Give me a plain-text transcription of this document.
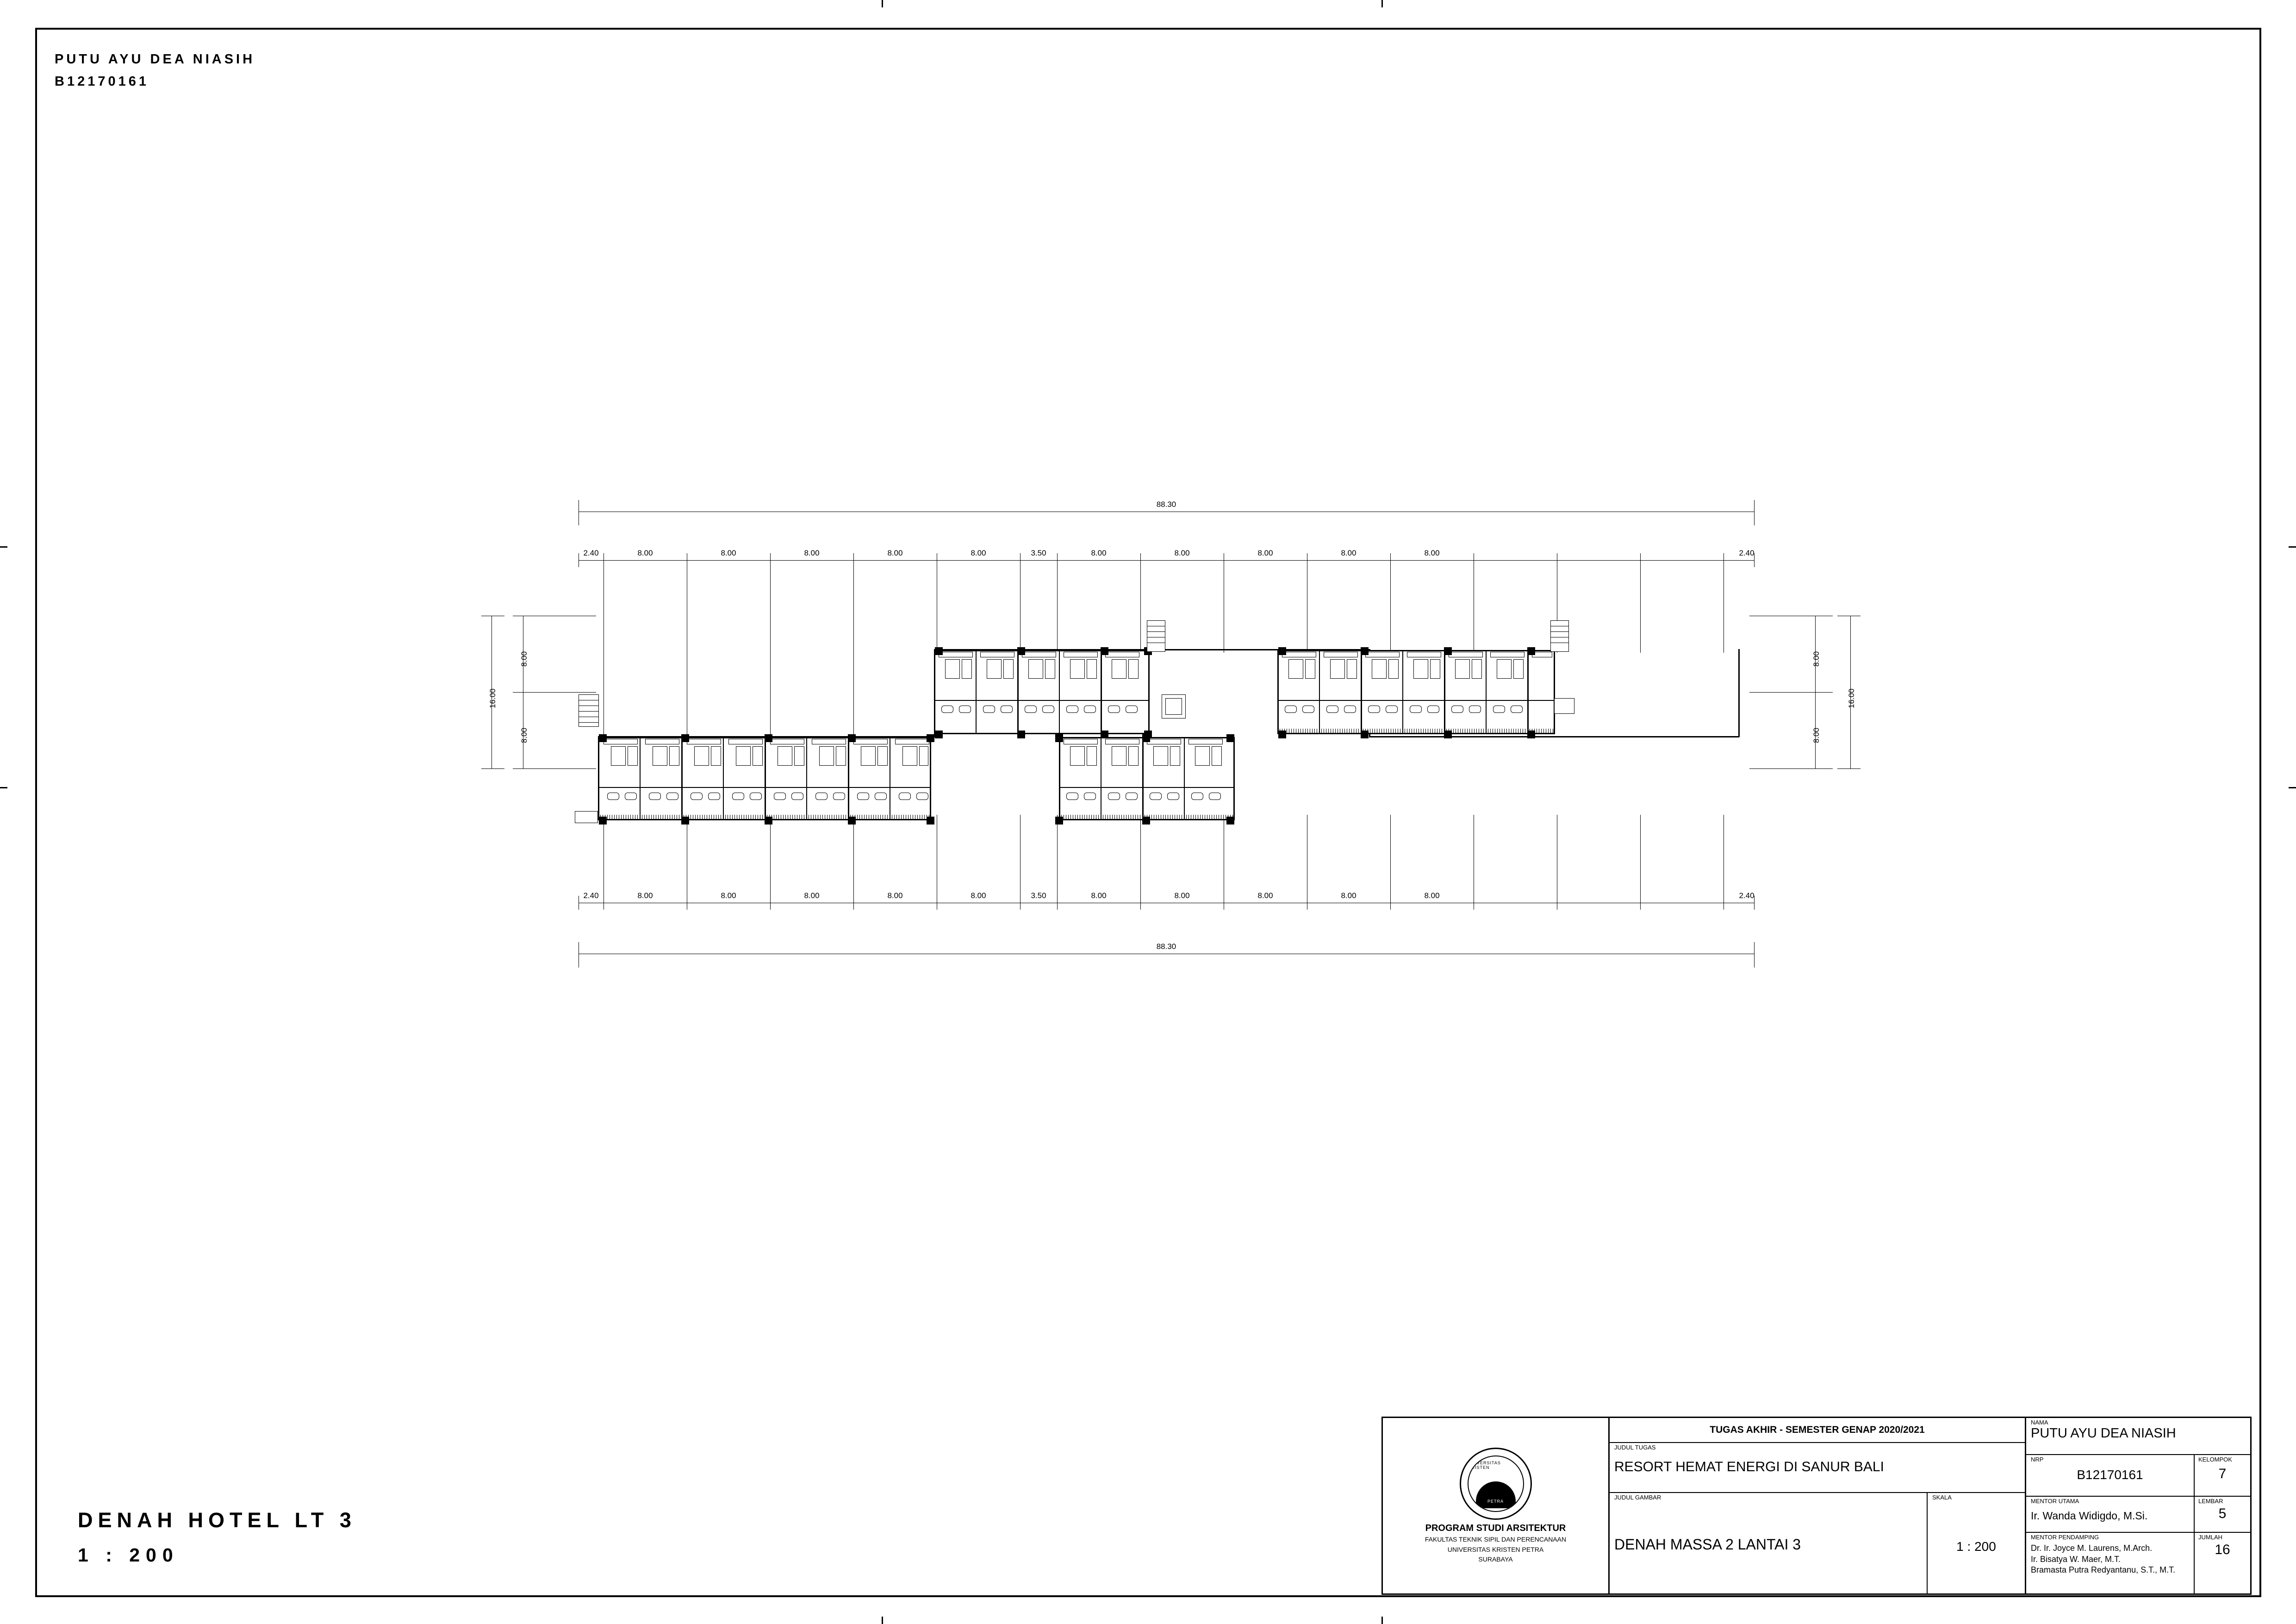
PUTU AYU DEA NIASIH
B12170161
DENAH HOTEL LT 3
1 : 200
88.30
2.40	8.00	8.00	8.00	8.00	8.00	3.50	8.00	8.00	8.00	8.00	8.00	2.40
16.00
8.00
8.00
16.00
8.00
8.00
2.40	8.00	8.00	8.00	8.00	8.00	3.50	8.00	8.00	8.00	8.00	8.00	2.40
88.30
UNIVERSITAS KRISTEN
PETRA
PROGRAM STUDI ARSITEKTUR
FAKULTAS TEKNIK SIPIL DAN PERENCANAAN
UNIVERSITAS KRISTEN PETRA
SURABAYA
TUGAS AKHIR - SEMESTER GENAP 2020/2021
JUDUL TUGAS
RESORT HEMAT ENERGI DI SANUR BALI
JUDUL GAMBAR
DENAH MASSA 2 LANTAI 3
SKALA
1 : 200
NAMA
PUTU AYU DEA NIASIH
NRP
B12170161
KELOMPOK
7
MENTOR UTAMA
Ir. Wanda Widigdo, M.Si.
LEMBAR
5
MENTOR PENDAMPING
Dr. Ir. Joyce M. Laurens, M.Arch.
Ir. Bisatya W. Maer, M.T.
Bramasta Putra Redyantanu, S.T., M.T.
JUMLAH
16
